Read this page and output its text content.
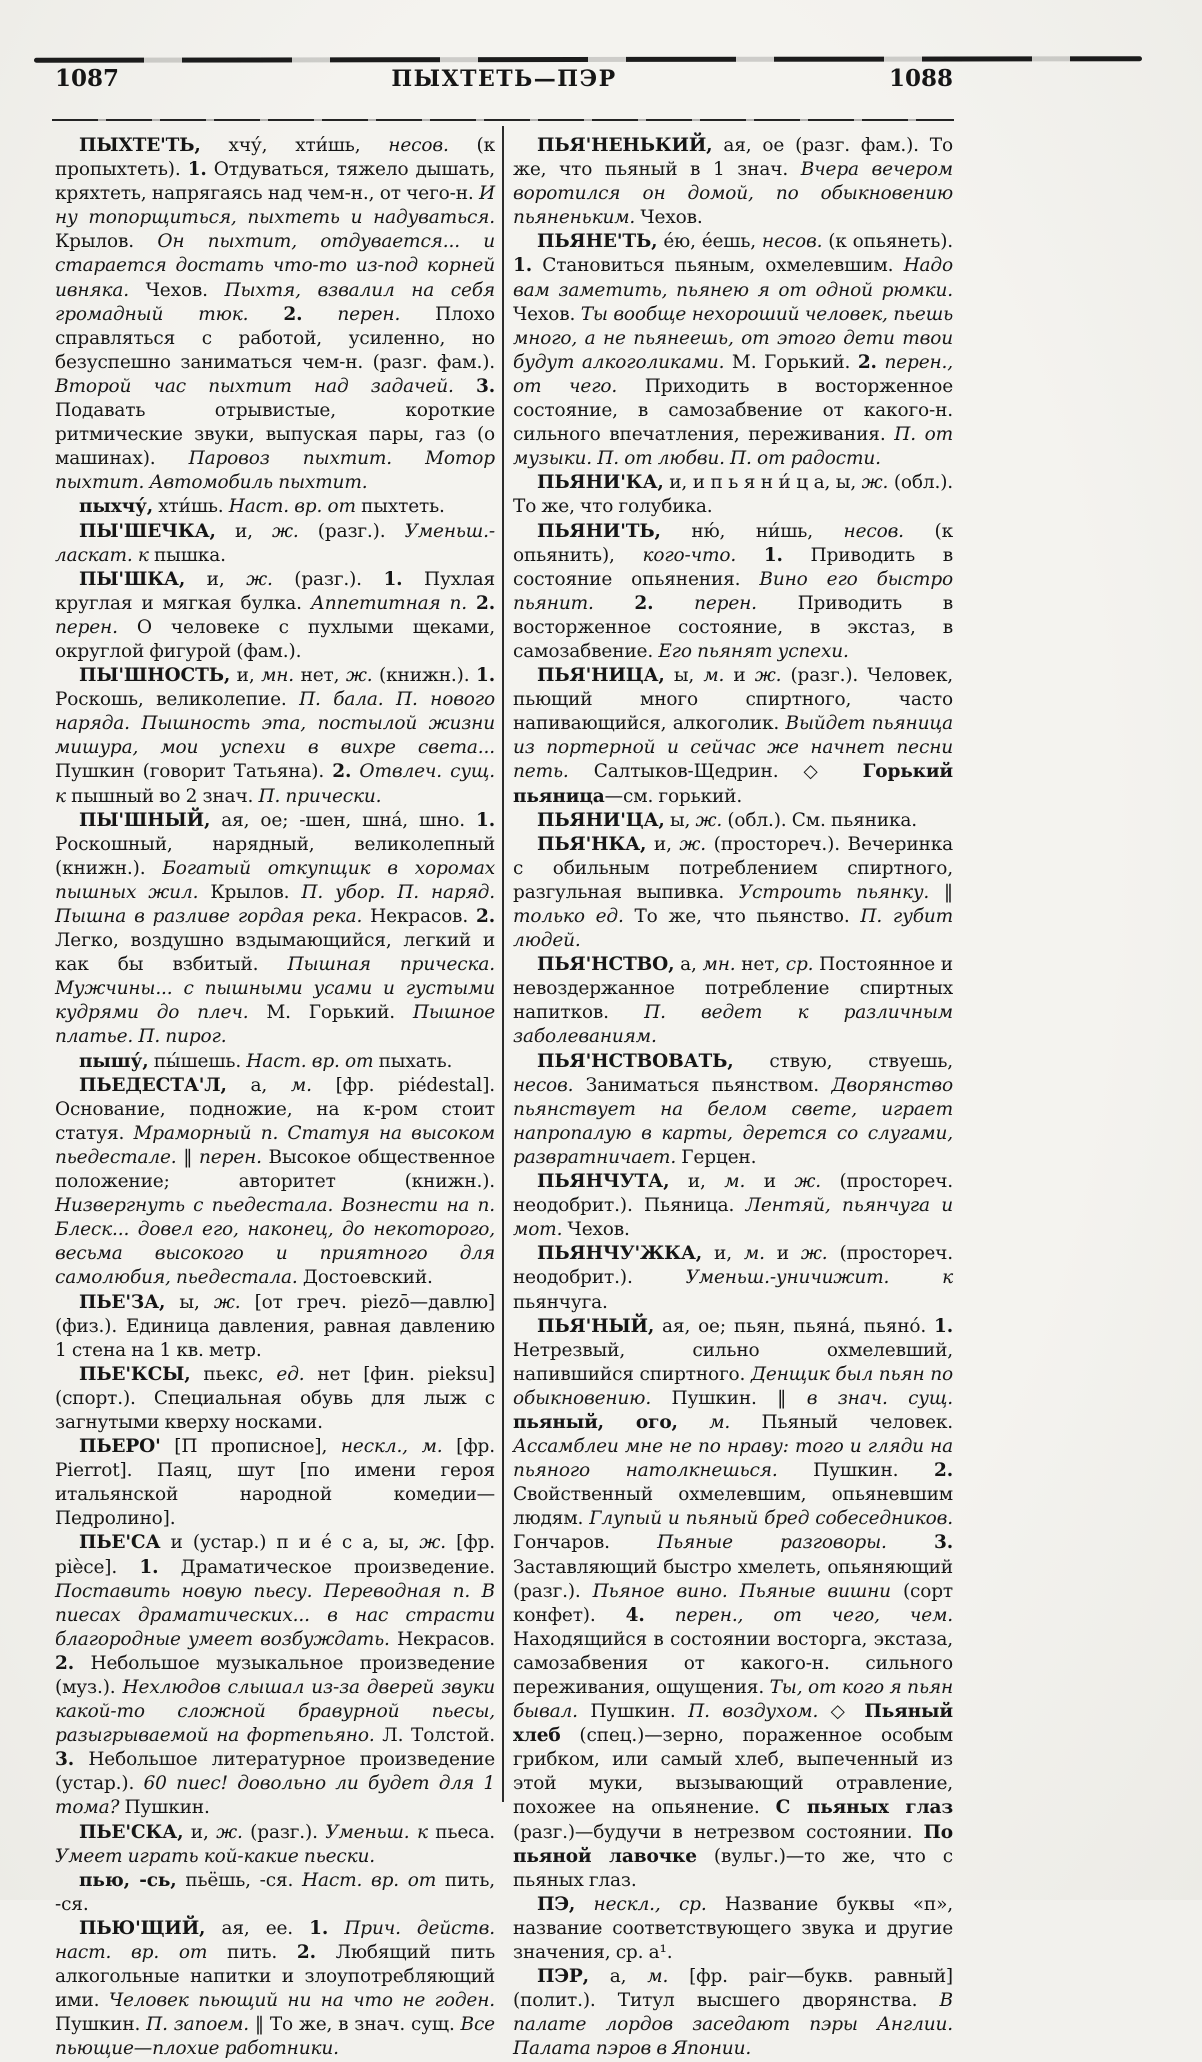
1087	ПЫХТЕТЬ—ПЭР	1088

ПЫХТЕ'ТЬ, хчу́, хти́шь, несов. (к пропыхтеть). 1. Отдуваться, тяжело дышать, кряхтеть, напрягаясь над чем-н., от чего-н. И ну топорщиться, пыхтеть и надуваться. Крылов. Он пыхтит, отдувается... и старается достать что-то из-под корней ивняка. Чехов. Пыхтя, взвалил на себя громадный тюк. 2. перен. Плохо справляться с работой, усиленно, но безуспешно заниматься чем-н. (разг. фам.). Второй час пыхтит над задачей. 3. Подавать отрывистые, короткие ритмические звуки, выпуская пары, газ (о машинах). Паровоз пыхтит. Мотор пыхтит. Автомобиль пыхтит.

пыхчу́, хти́шь. Наст. вр. от пыхтеть.

ПЫ'ШЕЧКА, и, ж. (разг.). Уменьш.-ласкат. к пышка.

ПЫ'ШКА, и, ж. (разг.). 1. Пухлая круглая и мягкая булка. Аппетитная п. 2. перен. О человеке с пухлыми щеками, округлой фигурой (фам.).

ПЫ'ШНОСТЬ, и, мн. нет, ж. (книжн.). 1. Роскошь, великолепие. П. бала. П. нового наряда. Пышность эта, постылой жизни мишура, мои успехи в вихре света... Пушкин (говорит Татьяна). 2. Отвлеч. сущ. к пышный во 2 знач. П. прически.

ПЫ'ШНЫЙ, ая, ое; -шен, шна́, шно. 1. Роскошный, нарядный, великолепный (книжн.). Богатый откупщик в хоромах пышных жил. Крылов. П. убор. П. наряд. Пышна в разливе гордая река. Некрасов. 2. Легко, воздушно вздымающийся, легкий и как бы взбитый. Пышная прическа. Мужчины... с пышными усами и густыми кудрями до плеч. М. Горький. Пышное платье. П. пирог.

пышу́, пы́шешь. Наст. вр. от пыхать.

ПЬЕДЕСТА'Л, а, м. [фр. piédestal]. Основание, подножие, на к-ром стоит статуя. Мраморный п. Статуя на высоком пьедестале. ‖ перен. Высокое общественное положение; авторитет (книжн.). Низвергнуть с пьедестала. Вознести на п. Блеск... довел его, наконец, до некоторого, весьма высокого и приятного для самолюбия, пьедестала. Достоевский.

ПЬЕ'ЗА, ы, ж. [от греч. piezō—давлю] (физ.). Единица давления, равная давлению 1 стена на 1 кв. метр.

ПЬЕ'КСЫ, пьекс, ед. нет [фин. pieksu] (спорт.). Специальная обувь для лыж с загнутыми кверху носками.

ПЬЕРО' [П прописное], нескл., м. [фр. Pierrot]. Паяц, шут [по имени героя итальянской народной комедии—Педролино].

ПЬЕ'СА и (устар.) п и е́ с а, ы, ж. [фр. pièce]. 1. Драматическое произведение. Поставить новую пьесу. Переводная п. В пиесах драматических... в нас страсти благородные умеет возбуждать. Некрасов. 2. Небольшое музыкальное произведение (муз.). Нехлюдов слышал из-за дверей звуки какой-то сложной бравурной пьесы, разыгрываемой на фортепьяно. Л. Толстой. 3. Небольшое литературное произведение (устар.). 60 пиес! довольно ли будет для 1 тома? Пушкин.

ПЬЕ'СКА, и, ж. (разг.). Уменьш. к пьеса. Умеет играть кой-какие пьески.

пью, -сь, пьёшь, -ся. Наст. вр. от пить, -ся.

ПЬЮ'ЩИЙ, ая, ее. 1. Прич. действ. наст. вр. от пить. 2. Любящий пить алкогольные напитки и злоупотребляющий ими. Человек пьющий ни на что не годен. Пушкин. П. запоем. ‖ То же, в знач. сущ. Все пьющие—плохие работники.

ПЬЯ'НЕНЬКИЙ, ая, ое (разг. фам.). То же, что пьяный в 1 знач. Вчера вечером воротился он домой, по обыкновению пьяненьким. Чехов.

ПЬЯНЕ'ТЬ, е́ю, е́ешь, несов. (к опьянеть). 1. Становиться пьяным, охмелевшим. Надо вам заметить, пьянею я от одной рюмки. Чехов. Ты вообще нехороший человек, пьешь много, а не пьянеешь, от этого дети твои будут алкоголиками. М. Горький. 2. перен., от чего. Приходить в восторженное состояние, в самозабвение от какого-н. сильного впечатления, переживания. П. от музыки. П. от любви. П. от радости.

ПЬЯНИ'КА, и, и п ь я н и́ ц а, ы, ж. (обл.). То же, что голубика.

ПЬЯНИ'ТЬ, ню́, ни́шь, несов. (к опьянить), кого-что. 1. Приводить в состояние опьянения. Вино его быстро пьянит. 2. перен. Приводить в восторженное состояние, в экстаз, в самозабвение. Его пьянят успехи.

ПЬЯ'НИЦА, ы, м. и ж. (разг.). Человек, пьющий много спиртного, часто напивающийся, алкоголик. Выйдет пьяница из портерной и сейчас же начнет песни петь. Салтыков-Щедрин. ◇ Горький пьяница—см. горький.

ПЬЯНИ'ЦА, ы, ж. (обл.). См. пьяника.

ПЬЯ'НКА, и, ж. (простореч.). Вечеринка с обильным потреблением спиртного, разгульная выпивка. Устроить пьянку. ‖ только ед. То же, что пьянство. П. губит людей.

ПЬЯ'НСТВО, а, мн. нет, ср. Постоянное и невоздержанное потребление спиртных напитков. П. ведет к различным заболеваниям.

ПЬЯ'НСТВОВАТЬ, ствую, ствуешь, несов. Заниматься пьянством. Дворянство пьянствует на белом свете, играет напропалую в карты, дерется со слугами, развратничает. Герцен.

ПЬЯНЧУТА, и, м. и ж. (простореч. неодобрит.). Пьяница. Лентяй, пьянчуга и мот. Чехов.

ПЬЯНЧУ'ЖКА, и, м. и ж. (простореч. неодобрит.). Уменьш.-уничижит. к пьянчуга.

ПЬЯ'НЫЙ, ая, ое; пьян, пьяна́, пьяно́. 1. Нетрезвый, сильно охмелевший, напившийся спиртного. Денщик был пьян по обыкновению. Пушкин. ‖ в знач. сущ. пьяный, ого, м. Пьяный человек. Ассамблеи мне не по нраву: того и гляди на пьяного натолкнешься. Пушкин. 2. Свойственный охмелевшим, опьяневшим людям. Глупый и пьяный бред собеседников. Гончаров. Пьяные разговоры.	3. Заставляющий быстро хмелеть, опьяняющий (разг.). Пьяное вино. Пьяные вишни (сорт конфет). 4. перен., от чего, чем. Находящийся в состоянии восторга, экстаза, самозабвения от какого-н. сильного переживания, ощущения. Ты, от кого я пьян бывал. Пушкин. П. воздухом. ◇ Пьяный хлеб (спец.)—зерно, пораженное особым грибком, или самый хлеб, выпеченный из этой муки, вызывающий отравление, похожее на опьянение. С пьяных глаз (разг.)—будучи в нетрезвом состоянии. По пьяной лавочке (вульг.)—то же, что с пьяных глаз.

ПЭ, нескл., ср. Название буквы «п», название соответствующего звука и другие значения, ср. а¹.

ПЭР, а, м. [фр. pair—букв. равный] (полит.). Титул высшего дворянства. В палате лордов заседают пэры Англии. Палата пэров в Японии.
